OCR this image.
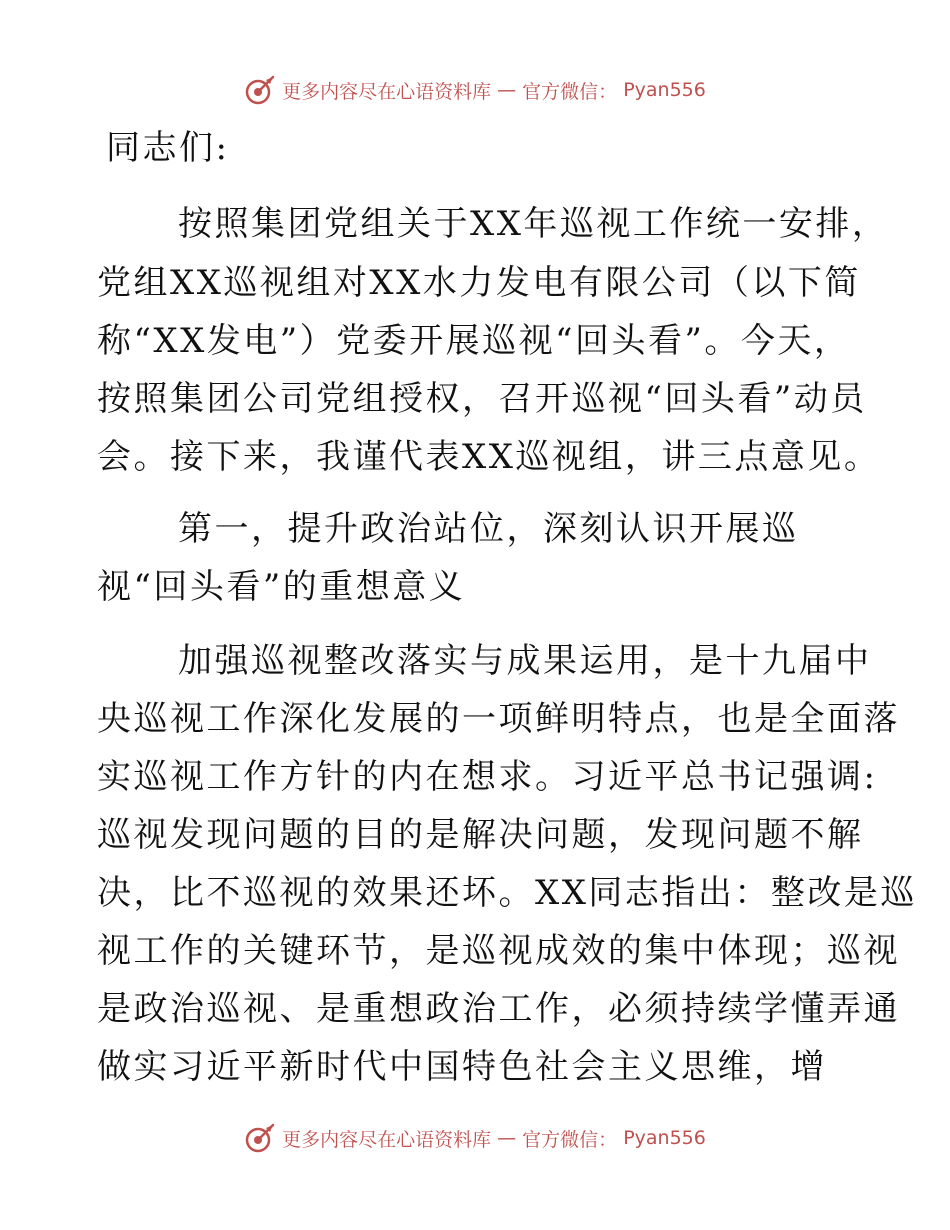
更多内容尽在心语资料库 — 官方微信： Pyan556
同志们:
按照集团党组关于XX年巡视工作统一安排，
党组XX巡视组对XX水力发电有限公司（以下简
称“XX发电”）党委开展巡视“回头看”。今天，
按照集团公司党组授权，召开巡视“回头看”动员
会。接下来，我谨代表XX巡视组，讲三点意见。
第一，提升政治站位，深刻认识开展巡
视“回头看”的重想意义
加强巡视整改落实与成果运用，是十九届中
央巡视工作深化发展的一项鲜明特点，也是全面落
实巡视工作方针的内在想求。习近平总书记强调:
巡视发现问题的目的是解决问题，发现问题不解
决，比不巡视的效果还坏。XX同志指出：整改是巡
视工作的关键环节，是巡视成效的集中体现；巡视
是政治巡视、是重想政治工作，必须持续学懂弄通
做实习近平新时代中国特色社会主义思维，增
更多内容尽在心语资料库 — 官方微信： Pyan556
